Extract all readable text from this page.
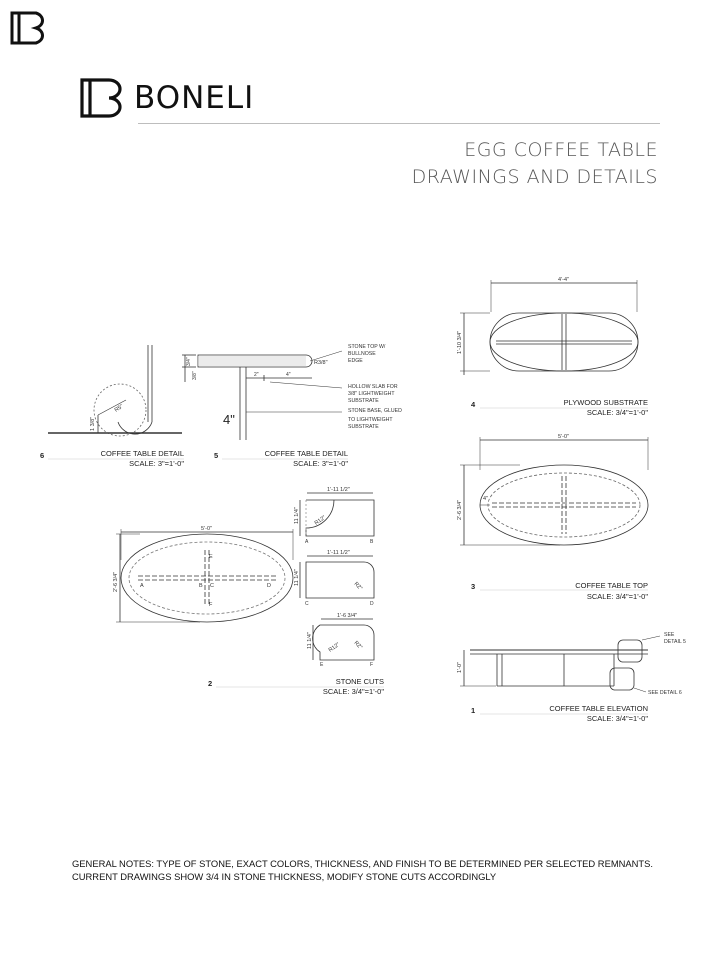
BONELI
EGG COFFEE TABLE
DRAWINGS AND DETAILS
1 3/8"
R5"
3/4"
3/8"	2"	4"
4"
R3/8"
STONE TOP W/
BULLNOSE
EDGE
HOLLOW SLAB FOR
3/8" LIGHTWEIGHT
SUBSTRATE
STONE BASE, GLUED
TO LIGHTWEIGHT
SUBSTRATE
4'-4"
1'-10 3/4"
5'-0"
2'-6 3/4"
4"
5'-0"
2'-6 3/4"	A	B C	D
E
F
1'-11 1/2"
11 1/4" R12"
A	B
1'-11 1/2"
11 1/4"
R2"
C	D
1'-6 3/4"
11 1/4"	R12" R2"
E	F	1'-0"
SEE
DETAIL 5
SEE DETAIL 6
6	COFFEE TABLE DETAIL
SCALE: 3"=1'-0"
5	COFFEE TABLE DETAIL
SCALE: 3"=1'-0"
4	PLYWOOD SUBSTRATE
SCALE: 3/4"=1'-0"
3	COFFEE TABLE TOP
SCALE: 3/4"=1'-0"
2	STONE CUTS
SCALE: 3/4"=1'-0"
1	COFFEE TABLE ELEVATION
SCALE: 3/4"=1'-0"
GENERAL NOTES: TYPE OF STONE, EXACT COLORS, THICKNESS, AND FINISH TO BE DETERMINED PER SELECTED REMNANTS.
CURRENT DRAWINGS SHOW 3/4 IN STONE THICKNESS, MODIFY STONE CUTS ACCORDINGLY
